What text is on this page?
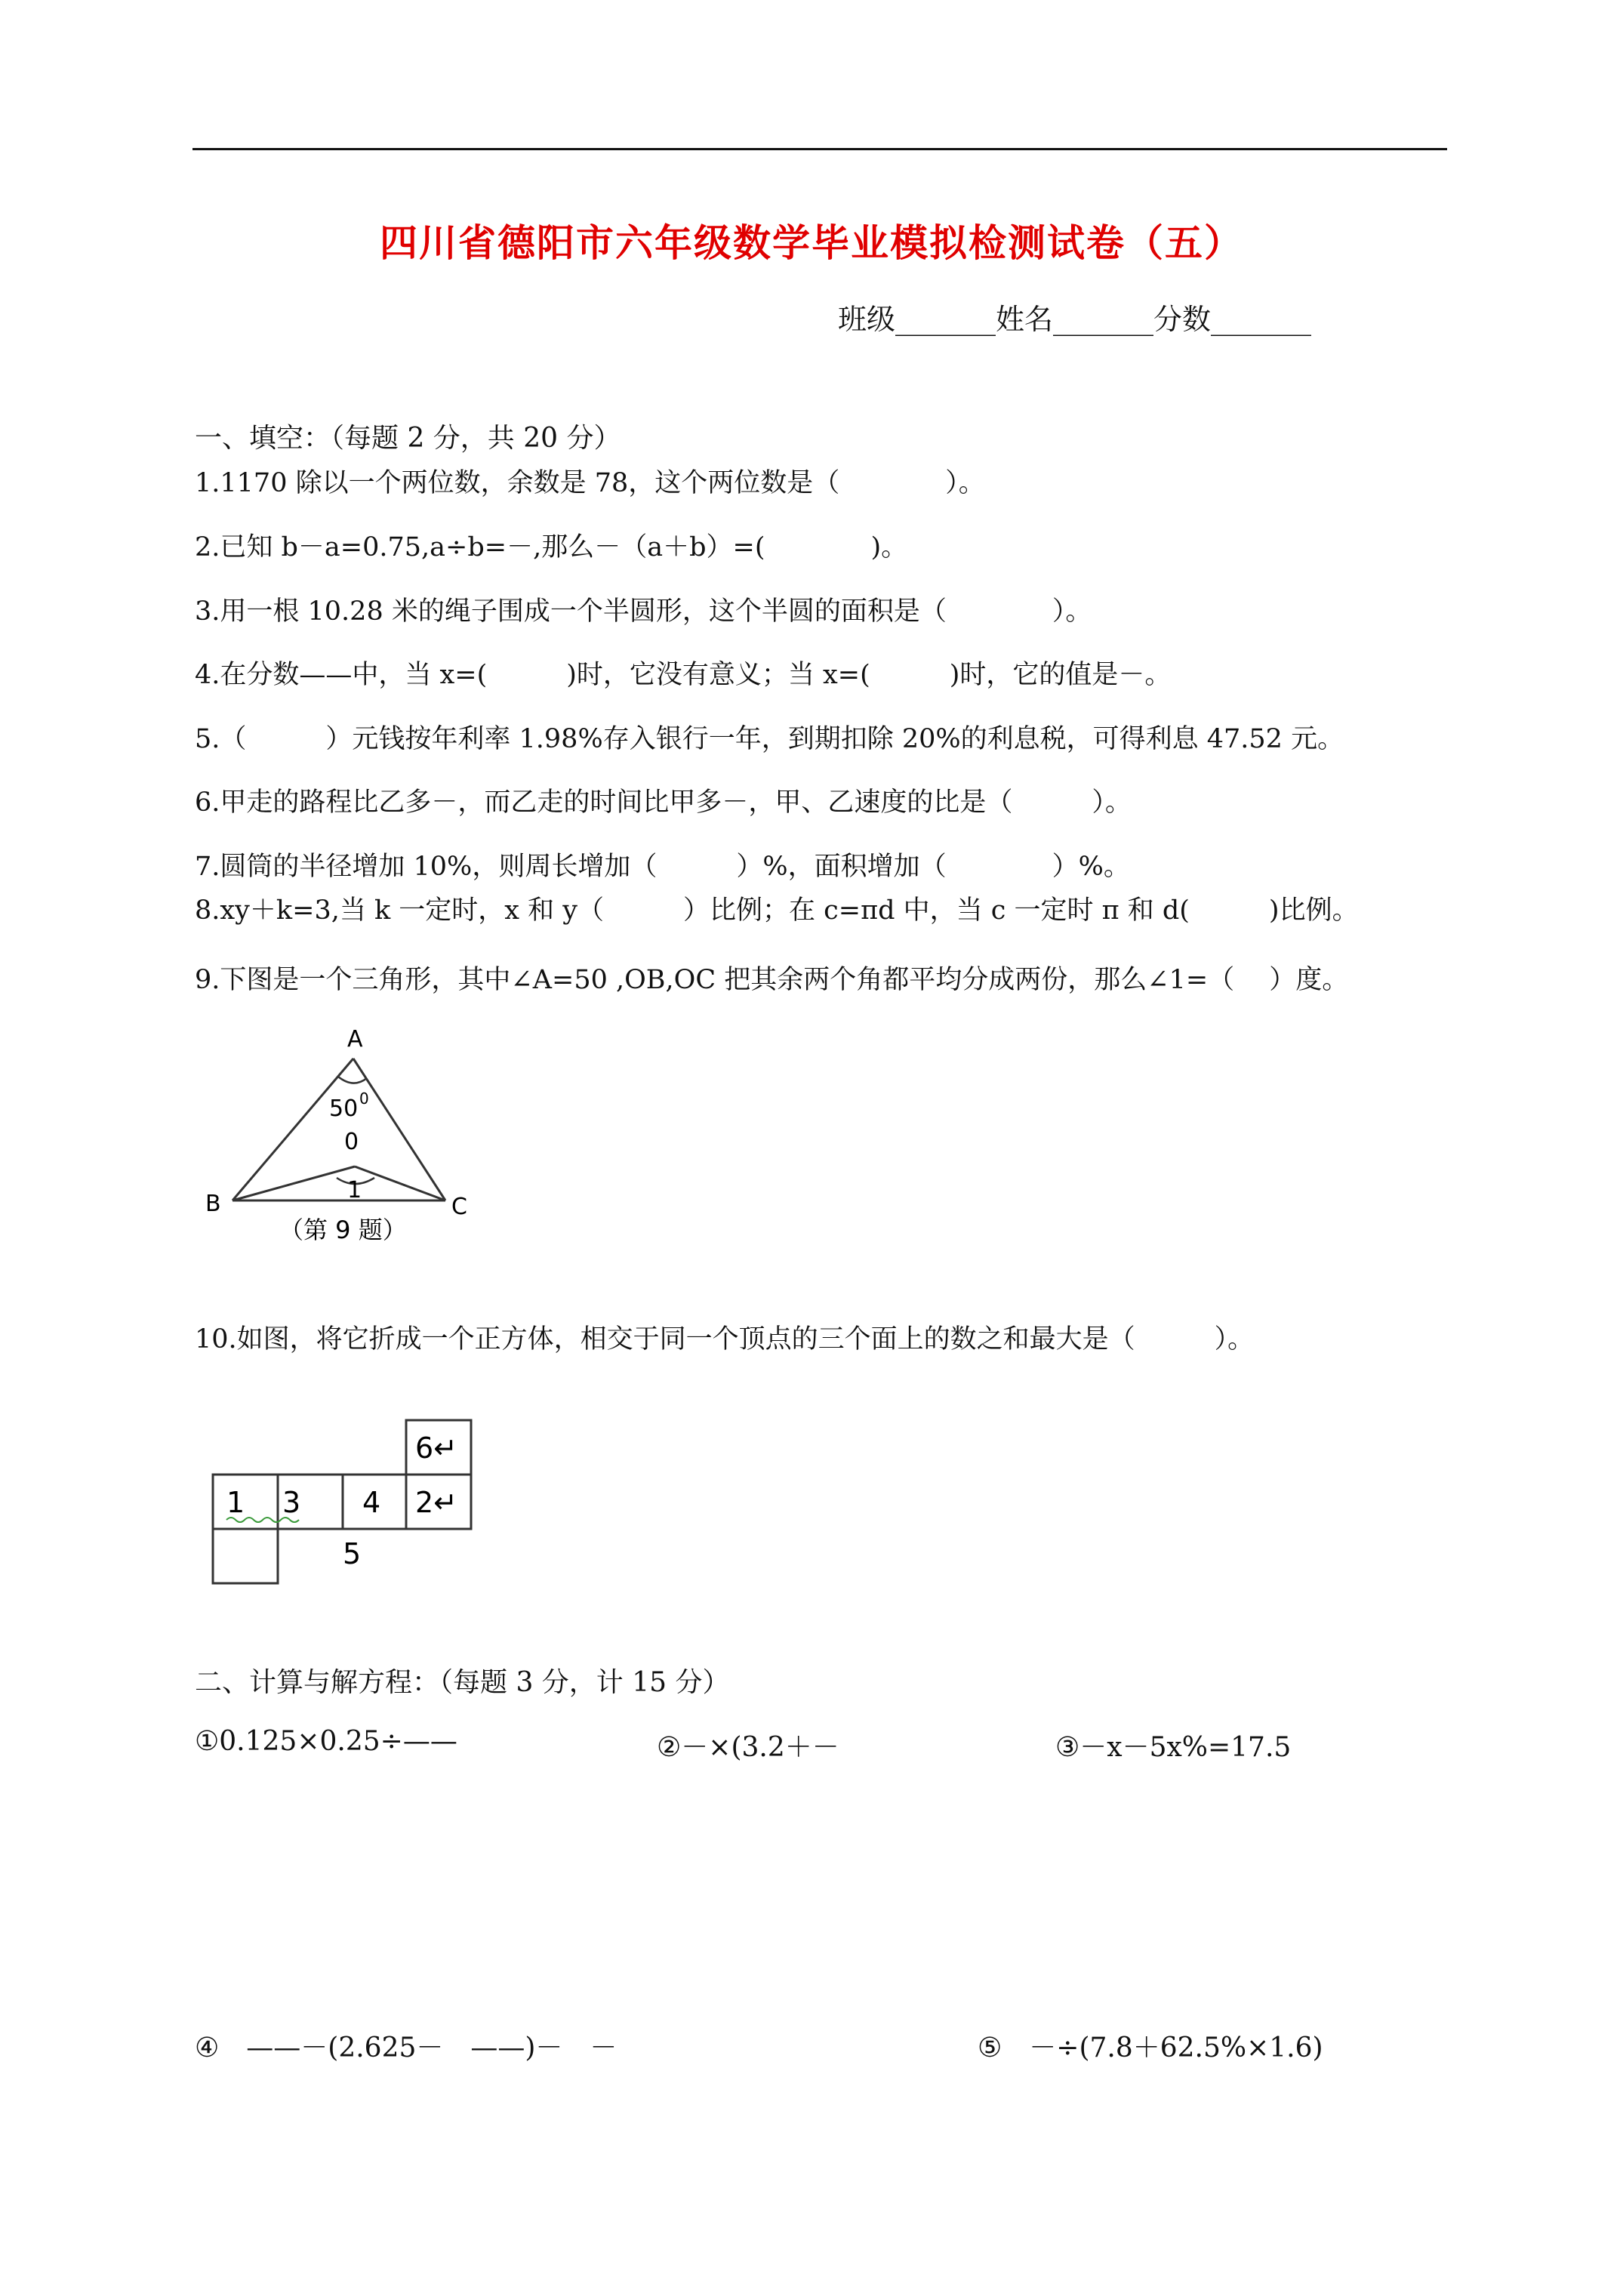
四川省德阳市六年级数学毕业模拟检测试卷（五）
班级_______姓名_______分数_______
一、填空：（每题 2 分，共 20 分）
1.1170 除以一个两位数，余数是 78，这个两位数是（　　　　）。
2.已知 b－a=0.75,a÷b=－,那么－（a＋b）=(　　　　)。
3.用一根 10.28 米的绳子围成一个半圆形，这个半圆的面积是（　　　　）。
4.在分数——中，当 x=(　　　)时，它没有意义；当 x=(　　　)时，它的值是－。
5.（　　　）元钱按年利率 1.98%存入银行一年，到期扣除 20%的利息税，可得利息 47.52 元。
6.甲走的路程比乙多－，而乙走的时间比甲多－，甲、乙速度的比是（　　　）。
7.圆筒的半径增加 10%，则周长增加（　　　）%，面积增加（　　　　）%。
8.xy＋k=3,当 k 一定时，x 和 y（　　　）比例；在 c=πd 中，当 c 一定时 π 和 d(　　　)比例。
9.下图是一个三角形，其中∠A=50 ,OB,OC 把其余两个角都平均分成两份，那么∠1=（　 ）度。
A
B	C
0
50 0
1
（第 9 题）
10.如图，将它折成一个正方体，相交于同一个顶点的三个面上的数之和最大是（　　　）。
6↵
1 3 4 2↵
5
二、计算与解方程：（每题 3 分，计 15 分）
①0.125×0.25÷——	②－×(3.2＋－	③－x－5x%=17.5
④　——－(2.625－　——)－　－	⑤　－÷(7.8＋62.5%×1.6)
